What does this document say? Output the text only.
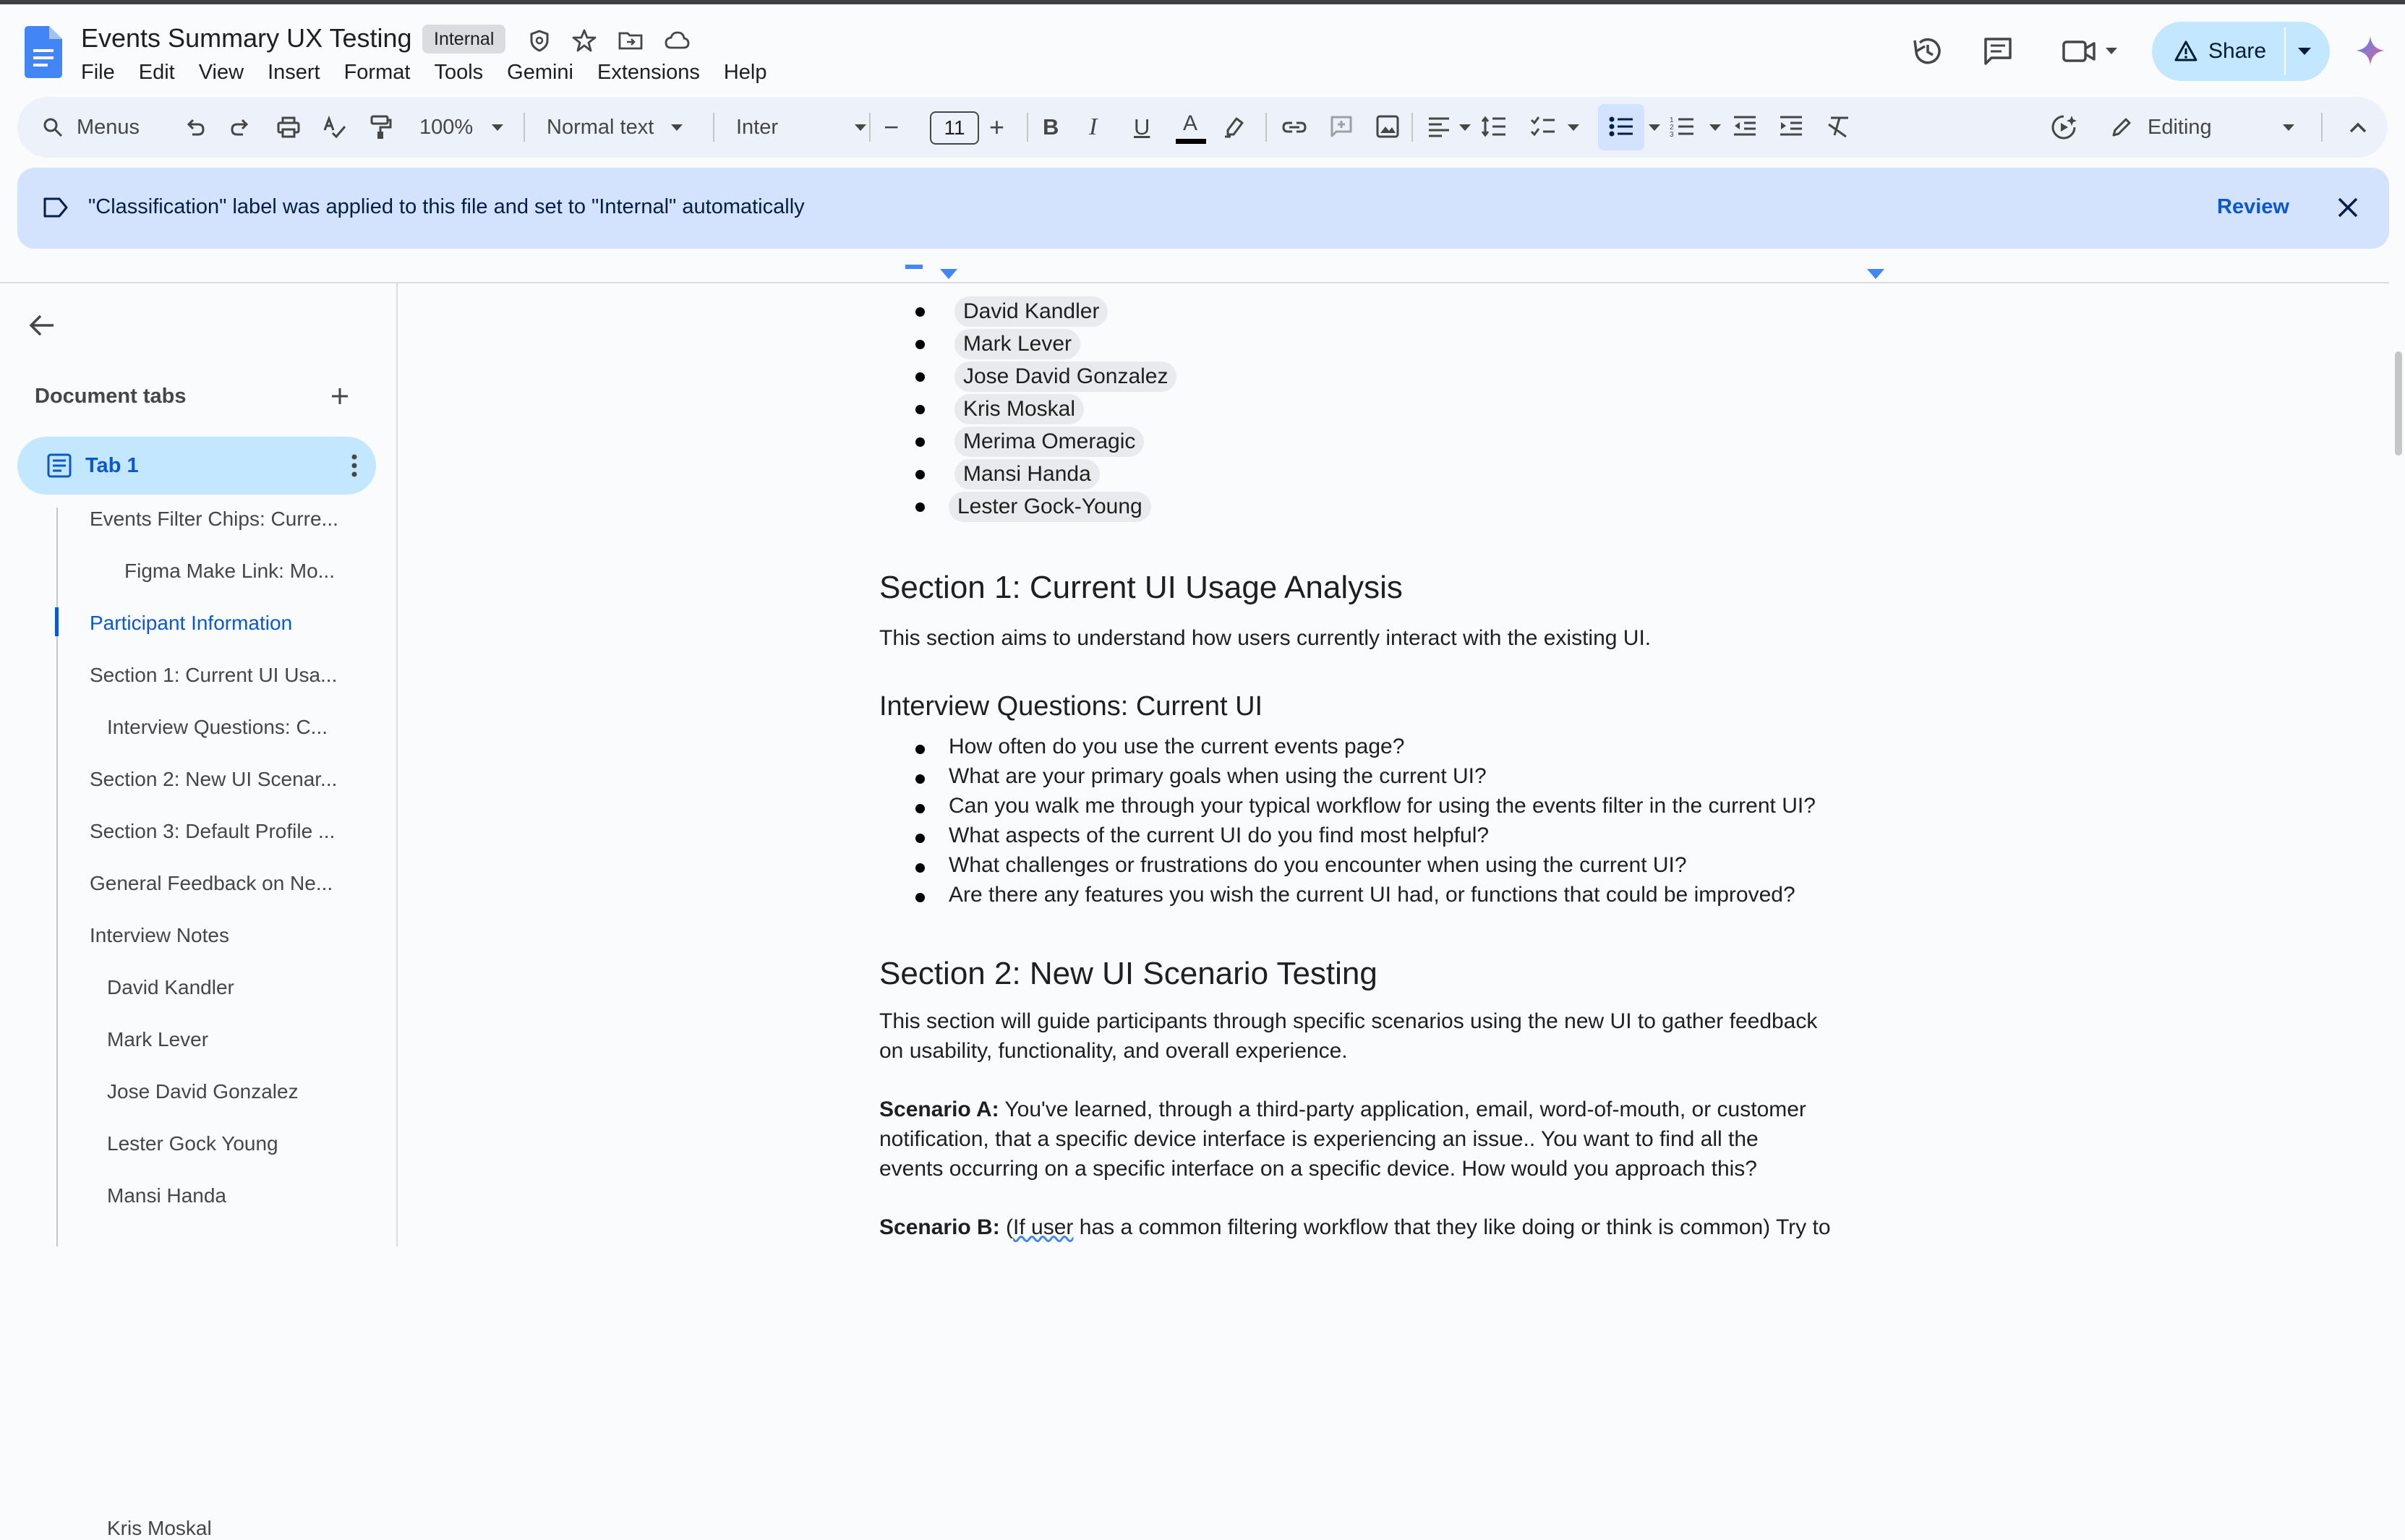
Events Summary UX Testing	Internal
File Edit View Insert Format Tools Gemini Extensions Help
Share
Menus	100%	Normal text	Inter	−	11 + B I U A	1
2
3	Editing
"Classification" label was applied to this file and set to "Internal" automatically	Review
Document tabs
Tab 1
Events Filter Chips: Curre...
Figma Make Link: Mo...
Participant Information
Section 1: Current UI Usa...
Interview Questions: C...
Section 2: New UI Scenar...
Section 3: Default Profile ...
General Feedback on Ne...
Interview Notes
David Kandler
Mark Lever
Jose David Gonzalez
Lester Gock Young
Mansi Handa
Kris Moskal
David Kandler
Mark Lever
Jose David Gonzalez
Kris Moskal
Merima Omeragic
Mansi Handa
Lester Gock-Young
Section 1: Current UI Usage Analysis
This section aims to understand how users currently interact with the existing UI.
Interview Questions: Current UI
How often do you use the current events page?
What are your primary goals when using the current UI?
Can you walk me through your typical workflow for using the events filter in the current UI?
What aspects of the current UI do you find most helpful?
What challenges or frustrations do you encounter when using the current UI?
Are there any features you wish the current UI had, or functions that could be improved?
Section 2: New UI Scenario Testing
This section will guide participants through specific scenarios using the new UI to gather feedback
on usability, functionality, and overall experience.
Scenario A: You've learned, through a third-party application, email, word-of-mouth, or customer
notification, that a specific device interface is experiencing an issue.. You want to find all the
events occurring on a specific interface on a specific device. How would you approach this?
Scenario B: (If user has a common filtering workflow that they like doing or think is common) Try to
